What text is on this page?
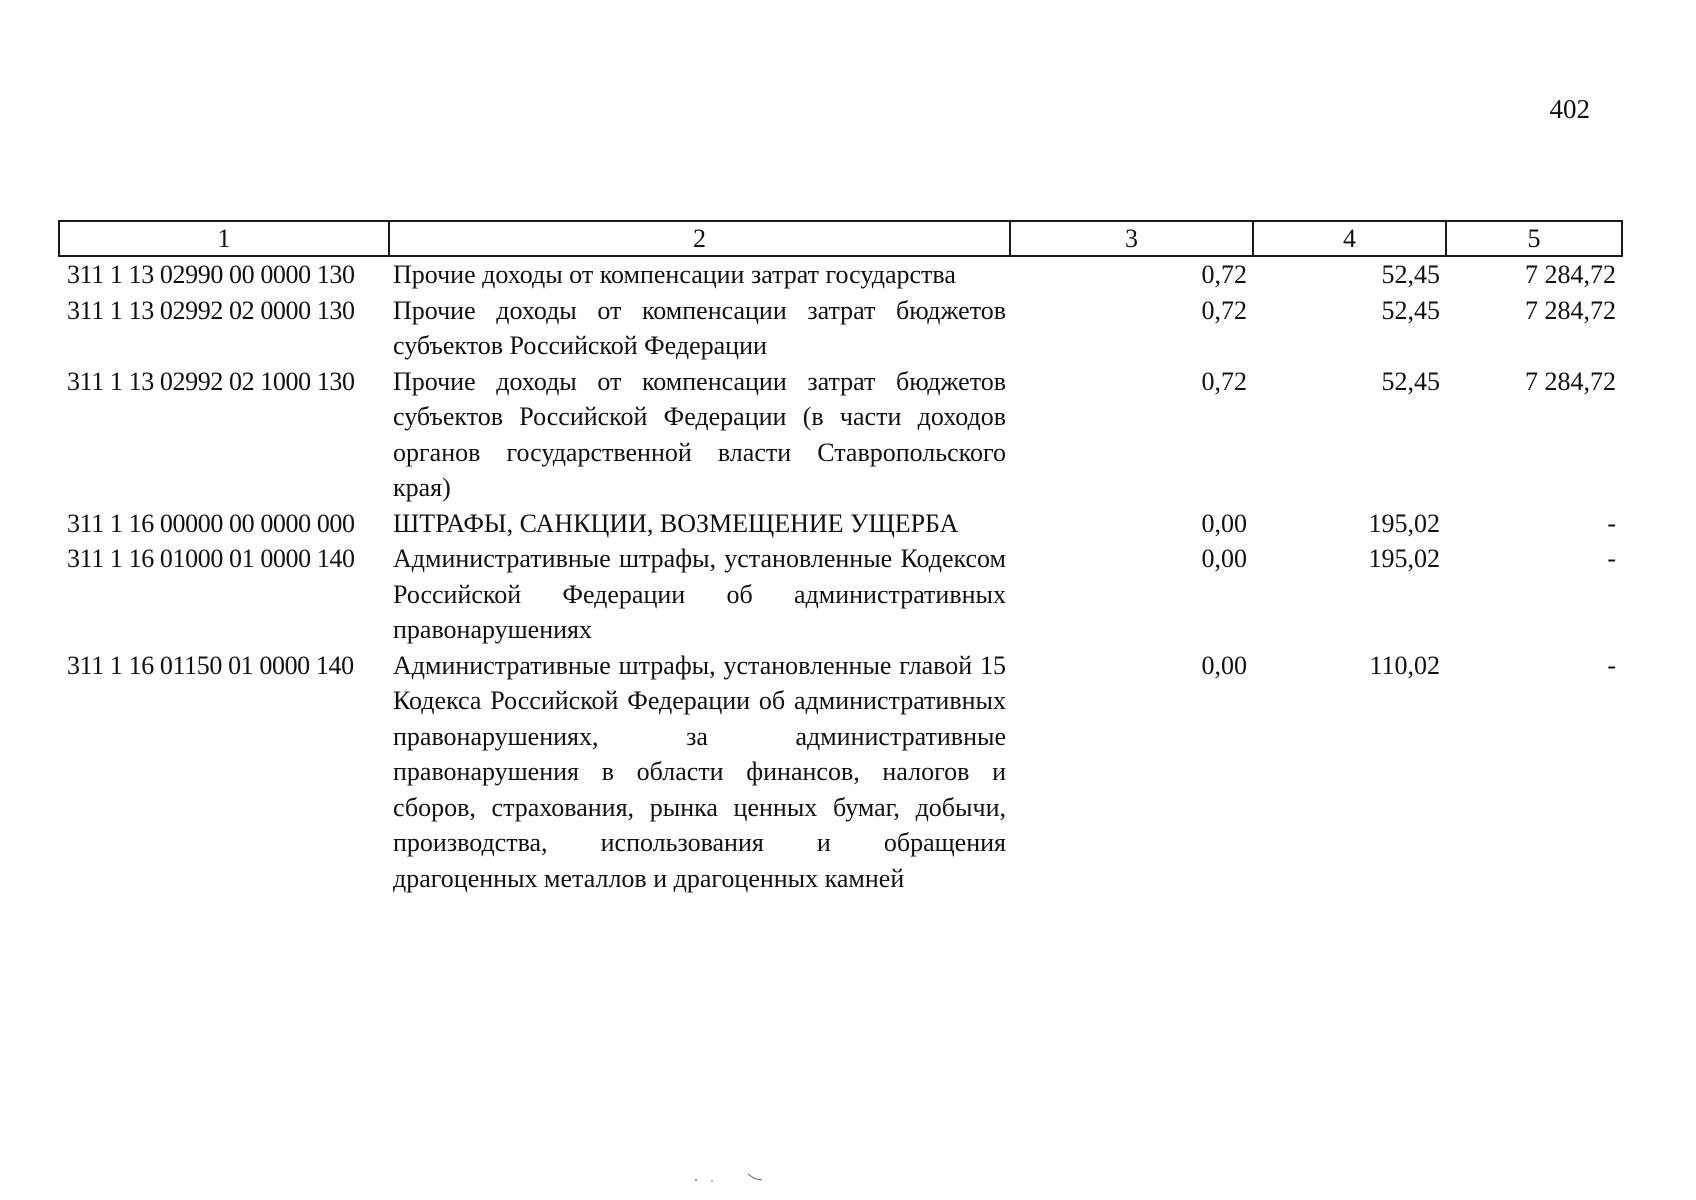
402
1	2	3	4	5
311 1 13 02990 00 0000 130	Прочие доходы от компенсации затрат государства	0,72	52,45	7 284,72
311 1 13 02992 02 0000 130	Прочие доходы от компенсации затрат бюджетов субъектов Российской Федерации	0,72	52,45	7 284,72
311 1 13 02992 02 1000 130	Прочие доходы от компенсации затрат бюджетов субъектов Российской Федерации (в части доходов органов государственной власти Ставропольского края)	0,72	52,45	7 284,72
311 1 16 00000 00 0000 000	ШТРАФЫ, САНКЦИИ, ВОЗМЕЩЕНИЕ УЩЕРБА	0,00	195,02	-
311 1 16 01000 01 0000 140	Административные штрафы, установленные Кодексом Российской Федерации об административных правонарушениях	0,00	195,02	-
311 1 16 01150 01 0000 140	Административные штрафы, установленные главой 15 Кодекса Российской Федерации об административных правонарушениях, за административные правонарушения в области финансов, налогов и сборов, страхования, рынка ценных бумаг, добычи, производства, использования и обращения драгоценных металлов и драгоценных камней	0,00	110,02	-
